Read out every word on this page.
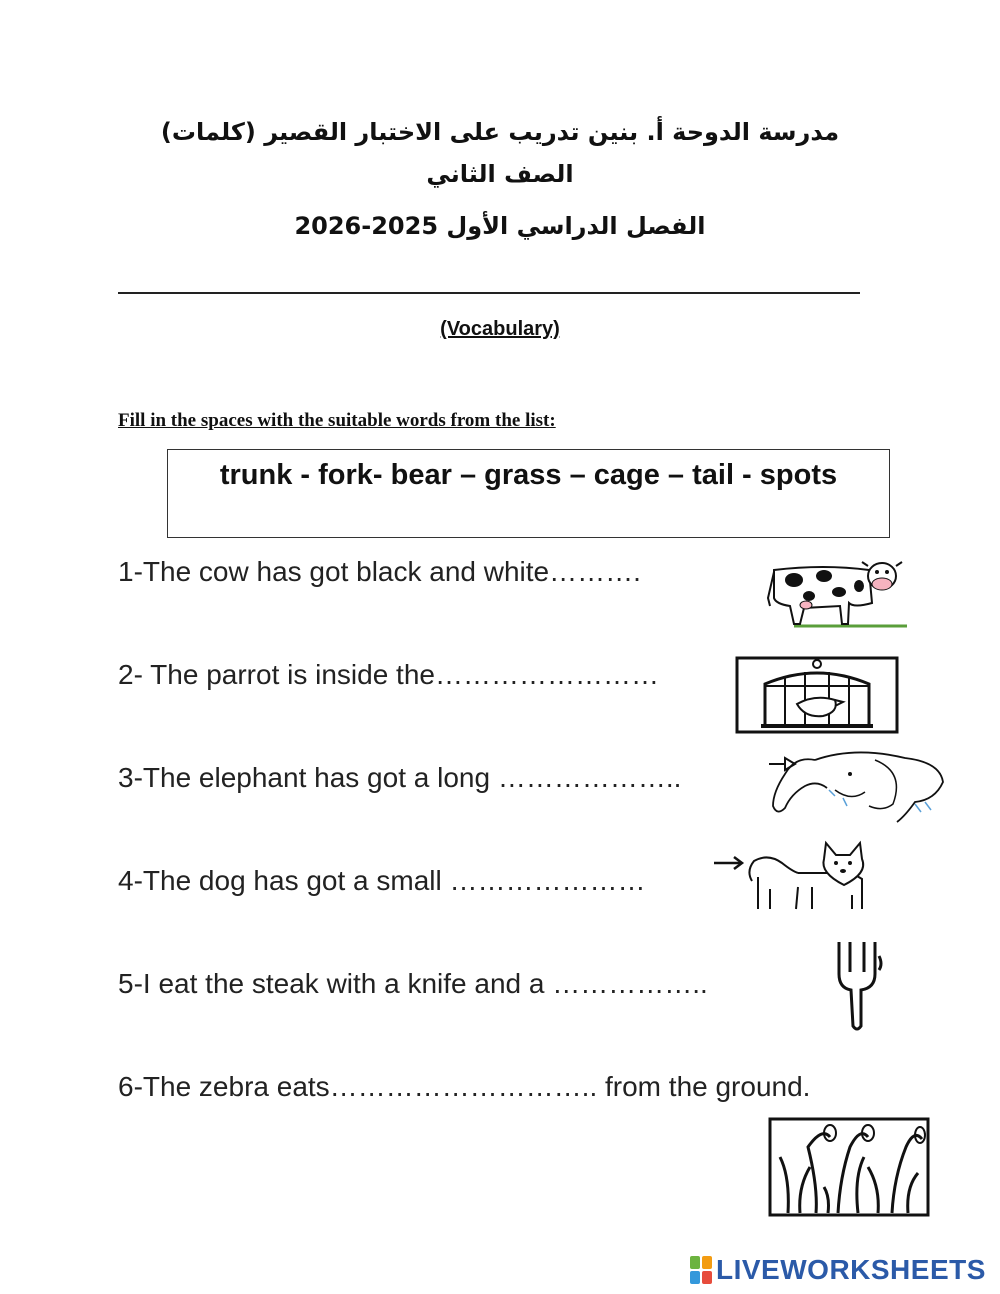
مدرسة الدوحة أ. بنين تدريب على الاختبار القصير (كلمات)
الصف الثاني
الفصل الدراسي الأول 2025-2026
(Vocabulary)
Fill in the spaces with the suitable words from the list:
trunk - fork- bear – grass – cage – tail - spots
1-The cow has got black and white……….
2- The parrot is inside the……………………
3-The elephant has got a long ………………..
4-The dog has got a small …………………
5-I eat the steak with a knife and a ……………..
6-The zebra eats……………………….. from the ground.
LIVEWORKSHEETS
